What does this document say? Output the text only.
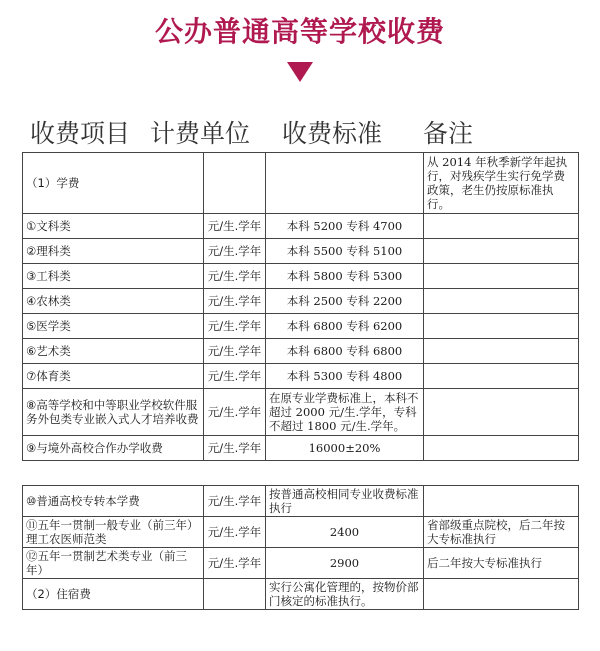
公办普通高等学校收费
收费项目 计费单位 收费标准 备注
（1）学费			从 2014 年秋季新学年起执行，对残疾学生实行免学费政策，老生仍按原标准执行。
①文科类	元/生.学年	本科 5200 专科 4700	
②理科类	元/生.学年	本科 5500 专科 5100	
③工科类	元/生.学年	本科 5800 专科 5300	
④农林类	元/生.学年	本科 2500 专科 2200	
⑤医学类	元/生.学年	本科 6800 专科 6200	
⑥艺术类	元/生.学年	本科 6800 专科 6800	
⑦体育类	元/生.学年	本科 5300 专科 4800	
⑧高等学校和中等职业学校软件服务外包类专业嵌入式人才培养收费	元/生.学年	在原专业学费标准上，本科不超过 2000 元/生.学年，专科不超过 1800 元/生.学年。	
⑨与境外高校合作办学收费	元/生.学年	16000±20%	
⑩普通高校专转本学费	元/生.学年	按普通高校相同专业收费标准执行	
⑪五年一贯制一般专业（前三年）理工农医师范类	元/生.学年	2400	省部级重点院校，后二年按大专标准执行
⑫五年一贯制艺术类专业（前三年）	元/生.学年	2900	后二年按大专标准执行
（2）住宿费		实行公寓化管理的，按物价部门核定的标准执行。	
